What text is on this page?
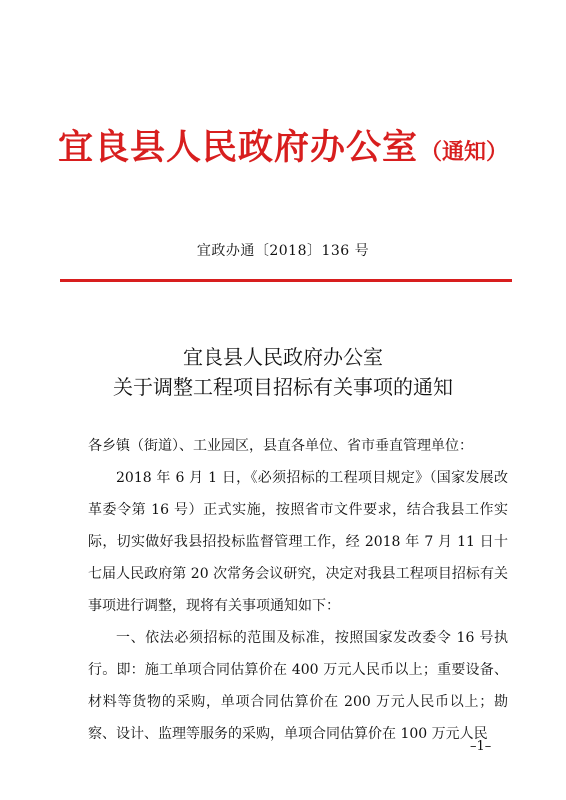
宜良县人民政府办公室（通知）
宜政办通〔2018〕136 号
宜良县人民政府办公室
关于调整工程项目招标有关事项的通知

各乡镇（街道）、工业园区，县直各单位、省市垂直管理单位：

2018 年 6 月 1 日，《必须招标的工程项目规定》（国家发展改革委令第 16 号）正式实施，按照省市文件要求，结合我县工作实际，切实做好我县招投标监督管理工作，经 2018 年 7 月 11 日十七届人民政府第 20 次常务会议研究，决定对我县工程项目招标有关事项进行调整，现将有关事项通知如下：

一、依法必须招标的范围及标准，按照国家发改委令 16 号执行。即：施工单项合同估算价在 400 万元人民币以上；重要设备、材料等货物的采购，单项合同估算价在 200 万元人民币以上；勘察、设计、监理等服务的采购，单项合同估算价在 100 万元人民

–1–
